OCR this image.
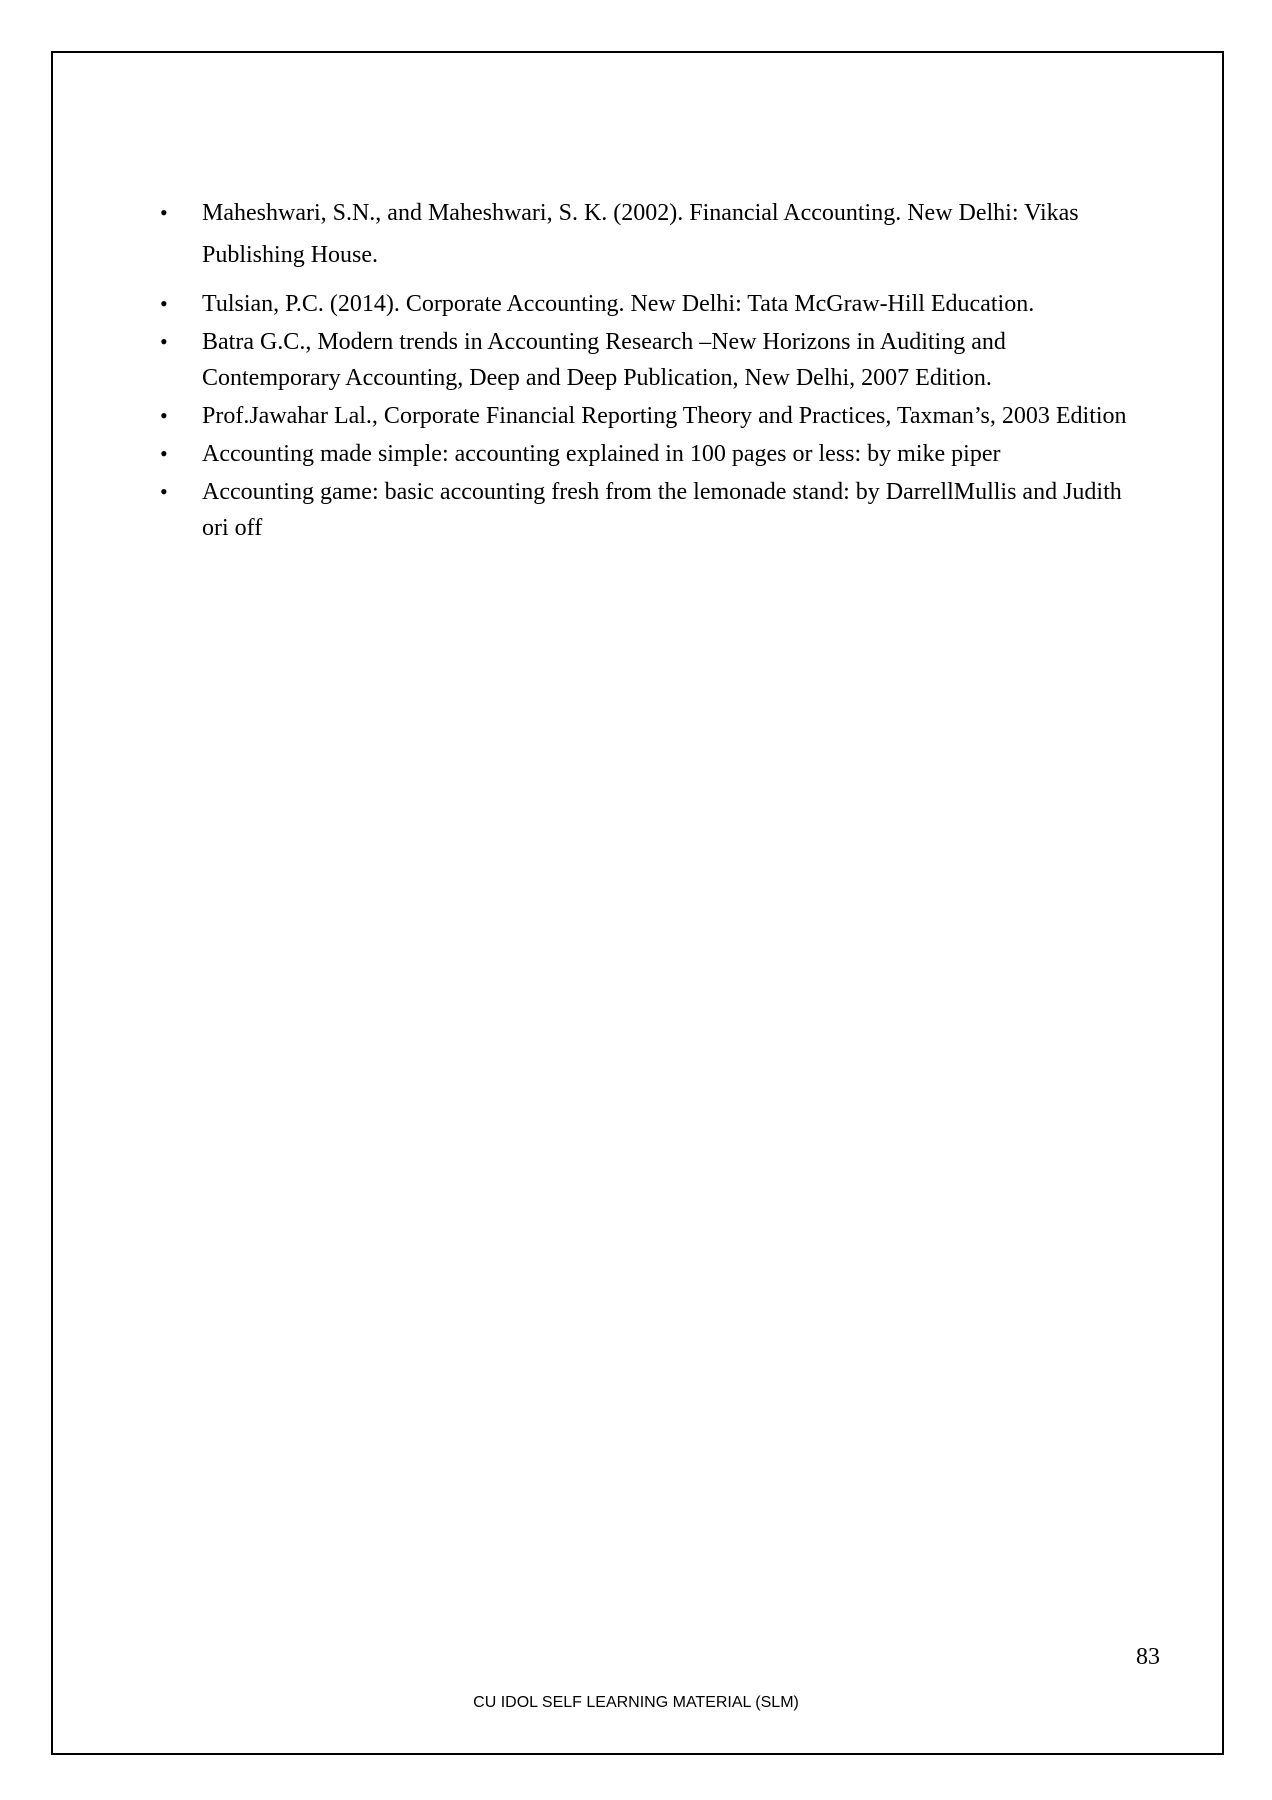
• Maheshwari, S.N., and Maheshwari, S. K. (2002). Financial Accounting. New Delhi: Vikas Publishing House.
• Tulsian, P.C. (2014). Corporate Accounting. New Delhi: Tata McGraw-Hill Education.
• Batra G.C., Modern trends in Accounting Research –New Horizons in Auditing and Contemporary Accounting, Deep and Deep Publication, New Delhi, 2007 Edition.
• Prof.Jawahar Lal., Corporate Financial Reporting Theory and Practices, Taxman’s, 2003 Edition
• Accounting made simple: accounting explained in 100 pages or less: by mike piper
• Accounting game: basic accounting fresh from the lemonade stand: by DarrellMullis and Judith ori off
83
CU IDOL SELF LEARNING MATERIAL (SLM)
